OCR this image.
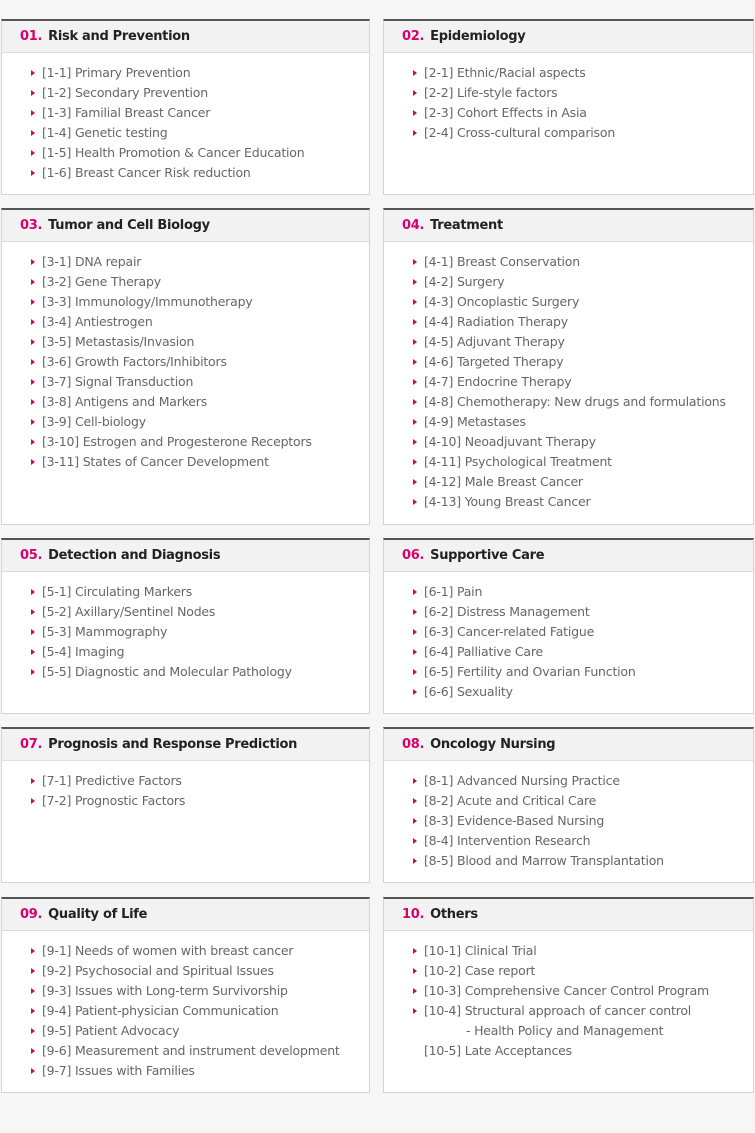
01. Risk and Prevention
[1-1] Primary Prevention
[1-2] Secondary Prevention
[1-3] Familial Breast Cancer
[1-4] Genetic testing
[1-5] Health Promotion & Cancer Education
[1-6] Breast Cancer Risk reduction
02. Epidemiology
[2-1] Ethnic/Racial aspects
[2-2] Life-style factors
[2-3] Cohort Effects in Asia
[2-4] Cross-cultural comparison
03. Tumor and Cell Biology
[3-1] DNA repair
[3-2] Gene Therapy
[3-3] Immunology/Immunotherapy
[3-4] Antiestrogen
[3-5] Metastasis/Invasion
[3-6] Growth Factors/Inhibitors
[3-7] Signal Transduction
[3-8] Antigens and Markers
[3-9] Cell-biology
[3-10] Estrogen and Progesterone Receptors
[3-11] States of Cancer Development
04. Treatment
[4-1] Breast Conservation
[4-2] Surgery
[4-3] Oncoplastic Surgery
[4-4] Radiation Therapy
[4-5] Adjuvant Therapy
[4-6] Targeted Therapy
[4-7] Endocrine Therapy
[4-8] Chemotherapy: New drugs and formulations
[4-9] Metastases
[4-10] Neoadjuvant Therapy
[4-11] Psychological Treatment
[4-12] Male Breast Cancer
[4-13] Young Breast Cancer
05. Detection and Diagnosis
[5-1] Circulating Markers
[5-2] Axillary/Sentinel Nodes
[5-3] Mammography
[5-4] Imaging
[5-5] Diagnostic and Molecular Pathology
06. Supportive Care
[6-1] Pain
[6-2] Distress Management
[6-3] Cancer-related Fatigue
[6-4] Palliative Care
[6-5] Fertility and Ovarian Function
[6-6] Sexuality
07. Prognosis and Response Prediction
[7-1] Predictive Factors
[7-2] Prognostic Factors
08. Oncology Nursing
[8-1] Advanced Nursing Practice
[8-2] Acute and Critical Care
[8-3] Evidence-Based Nursing
[8-4] Intervention Research
[8-5] Blood and Marrow Transplantation
09. Quality of Life
[9-1] Needs of women with breast cancer
[9-2] Psychosocial and Spiritual Issues
[9-3] Issues with Long-term Survivorship
[9-4] Patient-physician Communication
[9-5] Patient Advocacy
[9-6] Measurement and instrument development
[9-7] Issues with Families
10. Others
[10-1] Clinical Trial
[10-2] Case report
[10-3] Comprehensive Cancer Control Program
[10-4] Structural approach of cancer control
- Health Policy and Management
[10-5] Late Acceptances
